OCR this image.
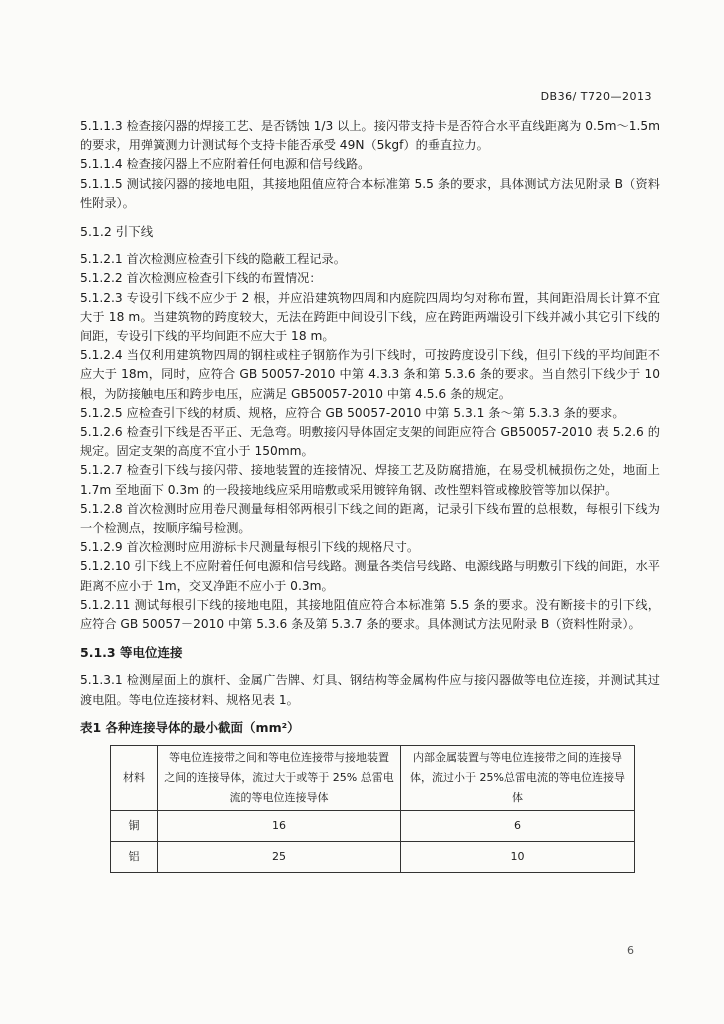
DB36/ T720—2013

5.1.1.3 检查接闪器的焊接工艺、是否锈蚀 1/3 以上。接闪带支持卡是否符合水平直线距离为 0.5m～1.5m 的要求，用弹簧测力计测试每个支持卡能否承受 49N（5kgf）的垂直拉力。

5.1.1.4 检查接闪器上不应附着任何电源和信号线路。

5.1.1.5 测试接闪器的接地电阻，其接地阻值应符合本标准第 5.5 条的要求，具体测试方法见附录 B（资料性附录）。

5.1.2 引下线

5.1.2.1 首次检测应检查引下线的隐蔽工程记录。

5.1.2.2 首次检测应检查引下线的布置情况：

5.1.2.3 专设引下线不应少于 2 根，并应沿建筑物四周和内庭院四周均匀对称布置，其间距沿周长计算不宜大于 18 m。当建筑物的跨度较大，无法在跨距中间设引下线，应在跨距两端设引下线并减小其它引下线的间距，专设引下线的平均间距不应大于 18 m。

5.1.2.4 当仅利用建筑物四周的钢柱或柱子钢筋作为引下线时，可按跨度设引下线，但引下线的平均间距不应大于 18m，同时，应符合 GB 50057-2010 中第 4.3.3 条和第 5.3.6 条的要求。当自然引下线少于 10 根，为防接触电压和跨步电压，应满足 GB50057-2010 中第 4.5.6 条的规定。

5.1.2.5 应检查引下线的材质、规格，应符合 GB 50057-2010 中第 5.3.1 条～第 5.3.3 条的要求。

5.1.2.6 检查引下线是否平正、无急弯。明敷接闪导体固定支架的间距应符合 GB50057-2010 表 5.2.6 的规定。固定支架的高度不宜小于 150mm。

5.1.2.7 检查引下线与接闪带、接地装置的连接情况、焊接工艺及防腐措施，在易受机械损伤之处，地面上 1.7m 至地面下 0.3m 的一段接地线应采用暗敷或采用镀锌角钢、改性塑料管或橡胶管等加以保护。

5.1.2.8 首次检测时应用卷尺测量每相邻两根引下线之间的距离，记录引下线布置的总根数，每根引下线为一个检测点，按顺序编号检测。

5.1.2.9 首次检测时应用游标卡尺测量每根引下线的规格尺寸。

5.1.2.10 引下线上不应附着任何电源和信号线路。测量各类信号线路、电源线路与明敷引下线的间距，水平距离不应小于 1m，交叉净距不应小于 0.3m。

5.1.2.11 测试每根引下线的接地电阻，其接地阻值应符合本标准第 5.5 条的要求。没有断接卡的引下线，应符合 GB 50057－2010 中第 5.3.6 条及第 5.3.7 条的要求。具体测试方法见附录 B（资料性附录）。

5.1.3 等电位连接

5.1.3.1 检测屋面上的旗杆、金属广告牌、灯具、钢结构等金属构件应与接闪器做等电位连接，并测试其过渡电阻。等电位连接材料、规格见表 1。

表1 各种连接导体的最小截面（mm²）

材料	等电位连接带之间和等电位连接带与接地装置之间的连接导体，流过大于或等于 25% 总雷电流的等电位连接导体	内部金属装置与等电位连接带之间的连接导体，流过小于 25%总雷电流的等电位连接导体
铜	16	6
铝	25	10
6
